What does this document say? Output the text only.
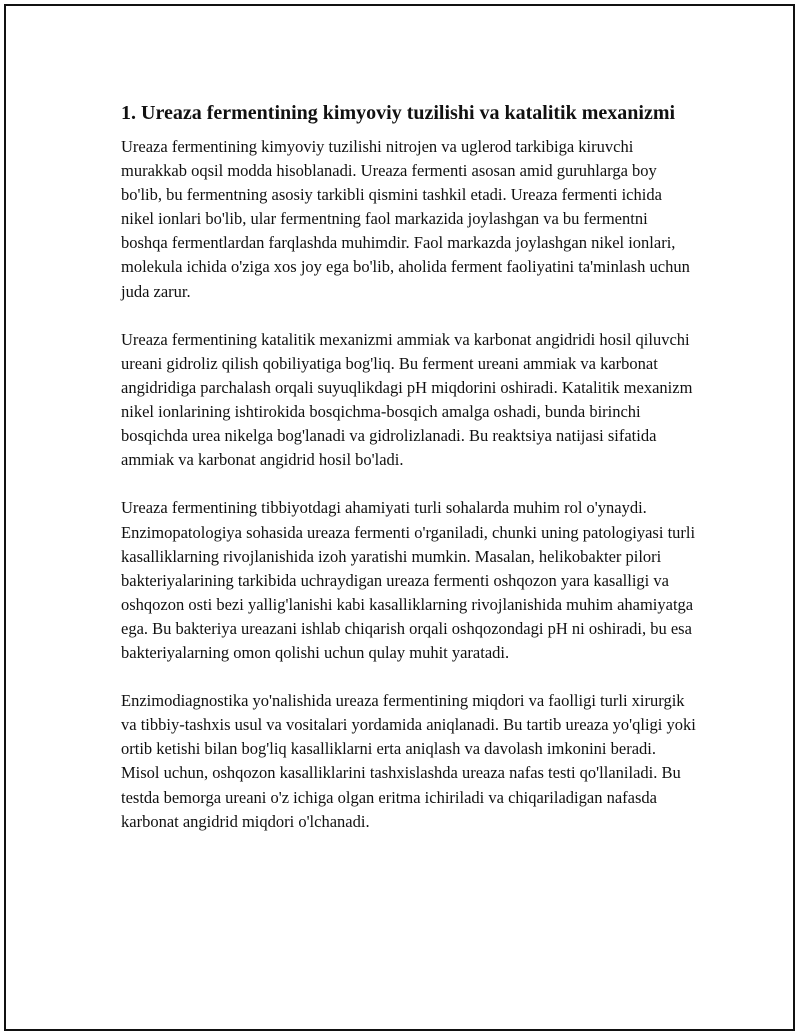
1. Ureaza fermentining kimyoviy tuzilishi va katalitik mexanizmi

Ureaza fermentining kimyoviy tuzilishi nitrojen va uglerod tarkibiga kiruvchi murakkab oqsil modda hisoblanadi. Ureaza fermenti asosan amid guruhlarga boy bo'lib, bu fermentning asosiy tarkibli qismini tashkil etadi. Ureaza fermenti ichida nikel ionlari bo'lib, ular fermentning faol markazida joylashgan va bu fermentni boshqa fermentlardan farqlashda muhimdir. Faol markazda joylashgan nikel ionlari, molekula ichida o'ziga xos joy ega bo'lib, aholida ferment faoliyatini ta'minlash uchun juda zarur.

Ureaza fermentining katalitik mexanizmi ammiak va karbonat angidridi hosil qiluvchi ureani gidroliz qilish qobiliyatiga bog'liq. Bu ferment ureani ammiak va karbonat angidridiga parchalash orqali suyuqlikdagi pH miqdorini oshiradi. Katalitik mexanizm nikel ionlarining ishtirokida bosqichma-bosqich amalga oshadi, bunda birinchi bosqichda urea nikelga bog'lanadi va gidrolizlanadi. Bu reaktsiya natijasi sifatida ammiak va karbonat angidrid hosil bo'ladi.

Ureaza fermentining tibbiyotdagi ahamiyati turli sohalarda muhim rol o'ynaydi. Enzimopatologiya sohasida ureaza fermenti o'rganiladi, chunki uning patologiyasi turli kasalliklarning rivojlanishida izoh yaratishi mumkin. Masalan, helikobakter pilori bakteriyalarining tarkibida uchraydigan ureaza fermenti oshqozon yara kasalligi va oshqozon osti bezi yallig'lanishi kabi kasalliklarning rivojlanishida muhim ahamiyatga ega. Bu bakteriya ureazani ishlab chiqarish orqali oshqozondagi pH ni oshiradi, bu esa bakteriyalarning omon qolishi uchun qulay muhit yaratadi.

Enzimodiagnostika yo'nalishida ureaza fermentining miqdori va faolligi turli xirurgik va tibbiy-tashxis usul va vositalari yordamida aniqlanadi. Bu tartib ureaza yo'qligi yoki ortib ketishi bilan bog'liq kasalliklarni erta aniqlash va davolash imkonini beradi. Misol uchun, oshqozon kasalliklarini tashxislashda ureaza nafas testi qo'llaniladi. Bu testda bemorga ureani o'z ichiga olgan eritma ichiriladi va chiqariladigan nafasda karbonat angidrid miqdori o'lchanadi.
